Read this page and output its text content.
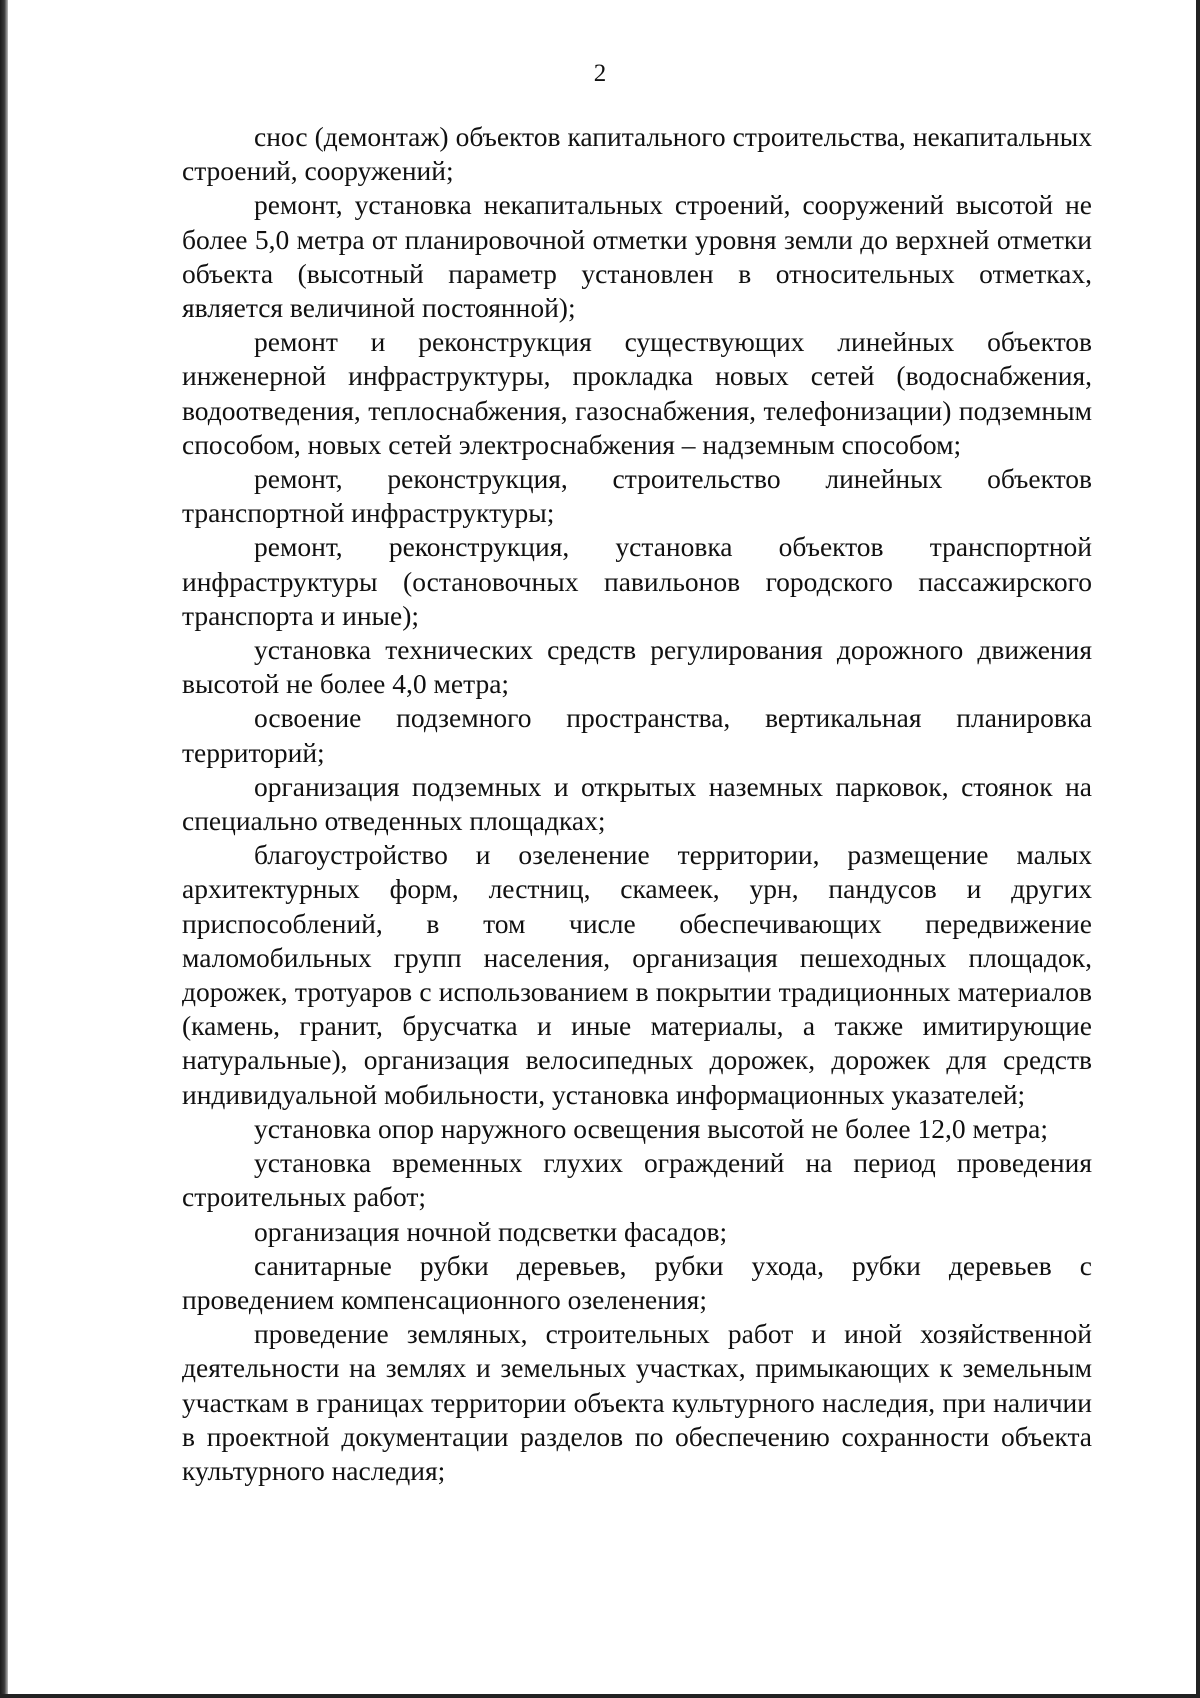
2

снос (демонтаж) объектов капитального строительства, некапитальных строений, сооружений;

ремонт, установка некапитальных строений, сооружений высотой не более 5,0 метра от планировочной отметки уровня земли до верхней отметки объекта (высотный параметр установлен в относительных отметках, является величиной постоянной);

ремонт и реконструкция существующих линейных объектов инженерной инфраструктуры, прокладка новых сетей (водоснабжения, водоотведения, теплоснабжения, газоснабжения, телефонизации) подземным способом, новых сетей электроснабжения – надземным способом;

ремонт, реконструкция, строительство линейных объектов транспортной инфраструктуры;

ремонт, реконструкция, установка объектов транспортной инфраструктуры (остановочных павильонов городского пассажирского транспорта и иные);

установка технических средств регулирования дорожного движения высотой не более 4,0 метра;

освоение подземного пространства, вертикальная планировка территорий;

организация подземных и открытых наземных парковок, стоянок на специально отведенных площадках;

благоустройство и озеленение территории, размещение малых архитектурных форм, лестниц, скамеек, урн, пандусов и других приспособлений, в том числе обеспечивающих передвижение маломобильных групп населения, организация пешеходных площадок, дорожек, тротуаров с использованием в покрытии традиционных материалов (камень, гранит, брусчатка и иные материалы, а также имитирующие натуральные), организация велосипедных дорожек, дорожек для средств индивидуальной мобильности, установка информационных указателей;

установка опор наружного освещения высотой не более 12,0 метра;

установка временных глухих ограждений на период проведения строительных работ;

организация ночной подсветки фасадов;

санитарные рубки деревьев, рубки ухода, рубки деревьев с проведением компенсационного озеленения;

проведение земляных, строительных работ и иной хозяйственной деятельности на землях и земельных участках, примыкающих к земельным участкам в границах территории объекта культурного наследия, при наличии в проектной документации разделов по обеспечению сохранности объекта культурного наследия;
